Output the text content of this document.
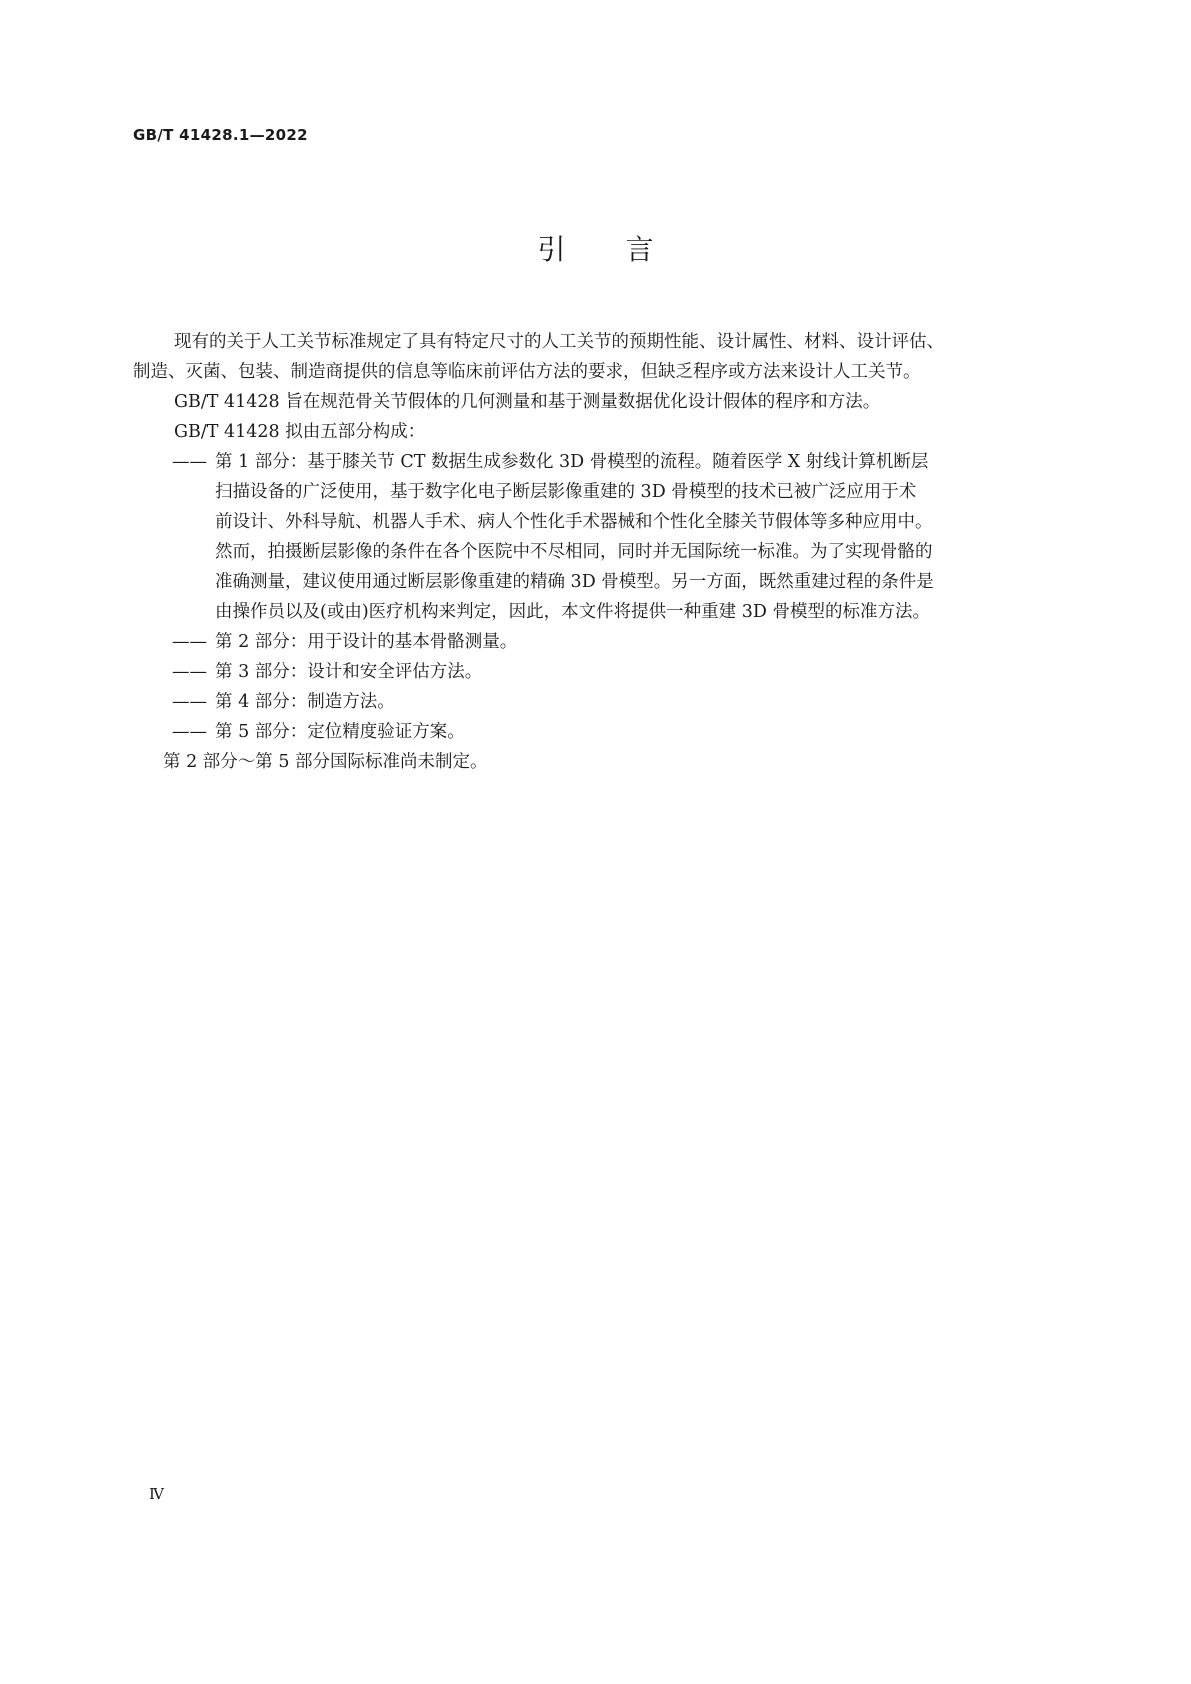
GB/T 41428.1—2022
引言

现有的关于人工关节标准规定了具有特定尺寸的人工关节的预期性能、设计属性、材料、设计评估、
制造、灭菌、包装、制造商提供的信息等临床前评估方法的要求，但缺乏程序或方法来设计人工关节。

GB/T 41428 旨在规范骨关节假体的几何测量和基于测量数据优化设计假体的程序和方法。

GB/T 41428 拟由五部分构成：

—— 第 1 部分：基于膝关节 CT 数据生成参数化 3D 骨模型的流程。随着医学 X 射线计算机断层
扫描设备的广泛使用，基于数字化电子断层影像重建的 3D 骨模型的技术已被广泛应用于术
前设计、外科导航、机器人手术、病人个性化手术器械和个性化全膝关节假体等多种应用中。
然而，拍摄断层影像的条件在各个医院中不尽相同，同时并无国际统一标准。为了实现骨骼的
准确测量，建议使用通过断层影像重建的精确 3D 骨模型。另一方面，既然重建过程的条件是
由操作员以及(或由)医疗机构来判定，因此，本文件将提供一种重建 3D 骨模型的标准方法。
—— 第 2 部分：用于设计的基本骨骼测量。
—— 第 3 部分：设计和安全评估方法。
—— 第 4 部分：制造方法。
—— 第 5 部分：定位精度验证方案。

第 2 部分～第 5 部分国际标准尚未制定。

Ⅳ
